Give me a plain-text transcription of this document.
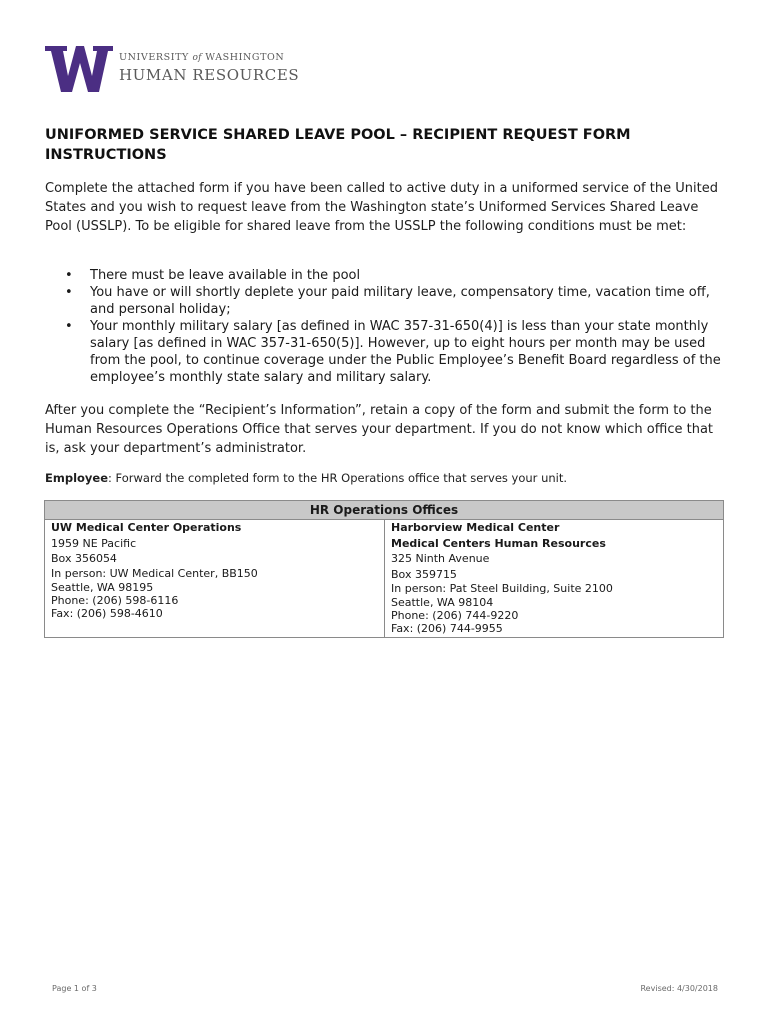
UNIVERSITY of WASHINGTON
HUMAN RESOURCES
UNIFORMED SERVICE SHARED LEAVE POOL – RECIPIENT REQUEST FORM INSTRUCTIONS
Complete the attached form if you have been called to active duty in a uniformed service of the United States and you wish to request leave from the Washington state’s Uniformed Services Shared Leave Pool (USSLP). To be eligible for shared leave from the USSLP the following conditions must be met:
• There must be leave available in the pool
• You have or will shortly deplete your paid military leave, compensatory time, vacation time off, and personal holiday;
• Your monthly military salary [as defined in WAC 357-31-650(4)] is less than your state monthly salary [as defined in WAC 357-31-650(5)]. However, up to eight hours per month may be used from the pool, to continue coverage under the Public Employee’s Benefit Board regardless of the employee’s monthly state salary and military salary.
After you complete the “Recipient’s Information”, retain a copy of the form and submit the form to the Human Resources Operations Office that serves your department. If you do not know which office that is, ask your department’s administrator.
Employee: Forward the completed form to the HR Operations office that serves your unit.
HR Operations Offices
UW Medical Center Operations
1959 NE Pacific
Box 356054
In person: UW Medical Center, BB150
Seattle, WA 98195
Phone: (206) 598-6116
Fax: (206) 598-4610
Harborview Medical Center
Medical Centers Human Resources
325 Ninth Avenue
Box 359715
In person: Pat Steel Building, Suite 2100
Seattle, WA 98104
Phone: (206) 744-9220
Fax: (206) 744-9955
Page 1 of 3	Revised: 4/30/2018
